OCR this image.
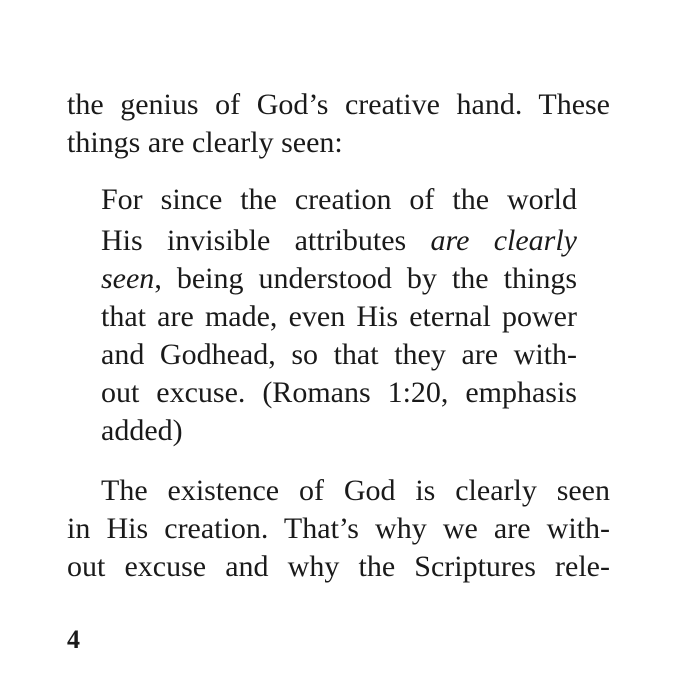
the genius of God’s creative hand. These

things are clearly seen:

For since the creation of the world

His invisible attributes are clearly

seen, being understood by the things

that are made, even His eternal power

and Godhead, so that they are with-

out excuse. (Romans 1:20, emphasis

added)

The existence of God is clearly seen

in His creation. That’s why we are with-

out excuse and why the Scriptures rele-

4
